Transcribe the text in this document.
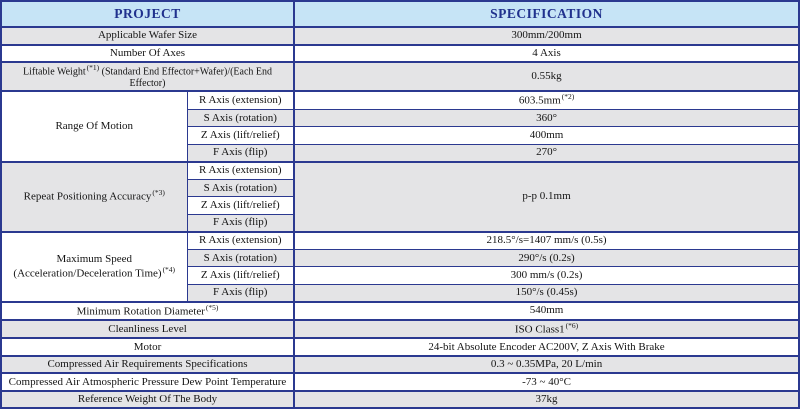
PROJECT		SPECIFICATION
Applicable Wafer Size		300mm/200mm
Number Of Axes		4 Axis
Liftable Weight$^{(*1)}$ (Standard End Effector+Wafer)/(Each End Effector)		0.55kg
Range Of Motion	R Axis (extension)	$603.5mm^{(*2)}$
	S Axis (rotation)	360°
	Z Axis (lift/relief)	400mm
	F Axis (flip)	270°
Repeat Positioning Accuracy$^{(*3)}$	R Axis (extension)	p-p 0.1mm
	S Axis (rotation)	
	Z Axis (lift/relief)	
	F Axis (flip)	

Maximum Speed
(Acceleration/Deceleration Time)$^{(*4)}$	R Axis (extension)	218.5°/s=1407 mm/s (0.5s)
	S Axis (rotation)	290°/s (0.2s)
	Z Axis (lift/relief)	300 mm/s (0.2s)
	F Axis (flip)	150°/s (0.45s)
Minimum Rotation Diameter$^{(*5)}$		540mm
Cleanliness Level		ISO $Class1^{(*6)}$
Motor		24-bit Absolute Encoder AC200V, Z Axis With Brake
Compressed Air Requirements Specifications		0.3 ~ 0.35MPa, 20 L/min
Compressed Air Atmospheric Pressure Dew Point Temperature		-73 ~ 40°C
Reference Weight Of The Body		37kg
